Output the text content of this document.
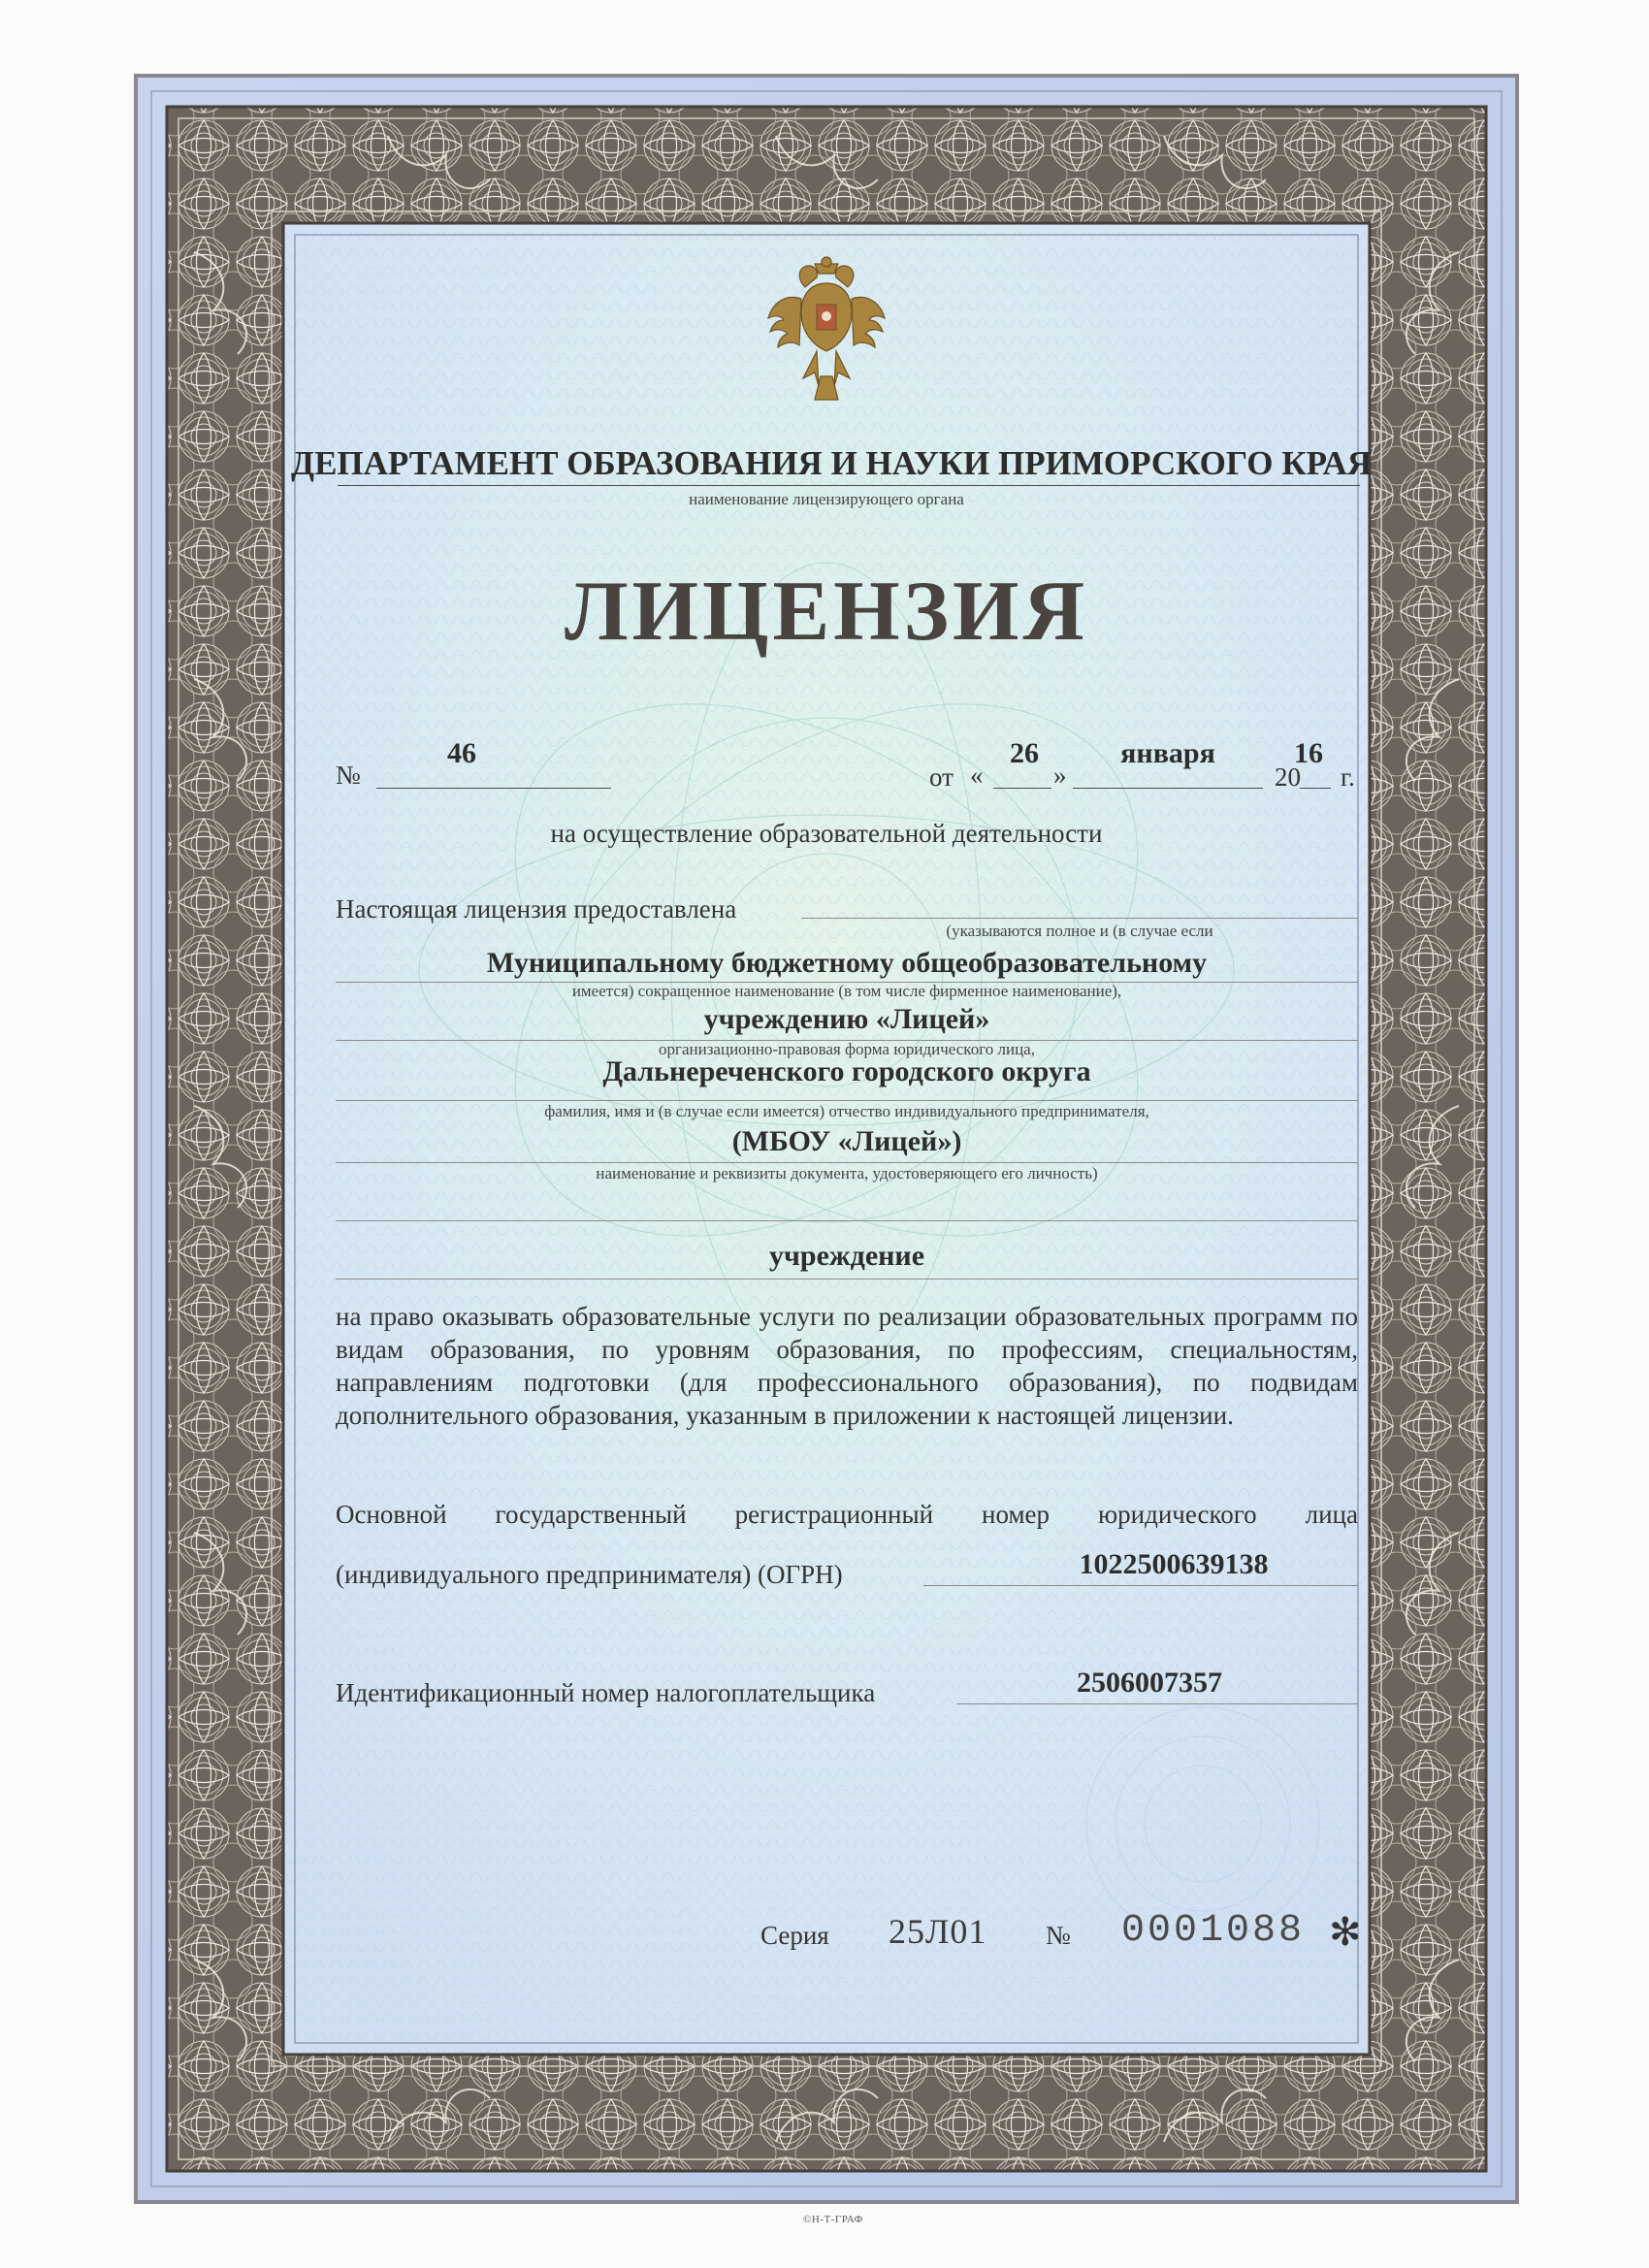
ДЕПАРТАМЕНТ ОБРАЗОВАНИЯ И НАУКИ ПРИМОРСКОГО КРАЯ
наименование лицензирующего органа
ЛИЦЕНЗИЯ
№
46
от «
26
»
января
20
16
г.
на осуществление образовательной деятельности
Настоящая лицензия предоставлена
(указываются полное и (в случае если
Муниципальному бюджетному общеобразовательному
имеется) сокращенное наименование (в том числе фирменное наименование),
учреждению «Лицей»
организационно-правовая форма юридического лица,
Дальнереченского городского округа
фамилия, имя и (в случае если имеется) отчество индивидуального предпринимателя,
(МБОУ «Лицей»)
наименование и реквизиты документа, удостоверяющего его личность)
учреждение
на право оказывать образовательные услуги по реализации образовательных программ по видам образования, по уровням образования, по профессиям, специальностям, направлениям подготовки (для профессионального образования), по подвидам дополнительного образования, указанным в приложении к настоящей лицензии.
Основной государственный регистрационный номер юридического лица
(индивидуального предпринимателя) (ОГРН)	1022500639138
Идентификационный номер налогоплательщика	2506007357
Серия 25Л01 № 0001088 ✻
©Н-Т-ГРАФ
